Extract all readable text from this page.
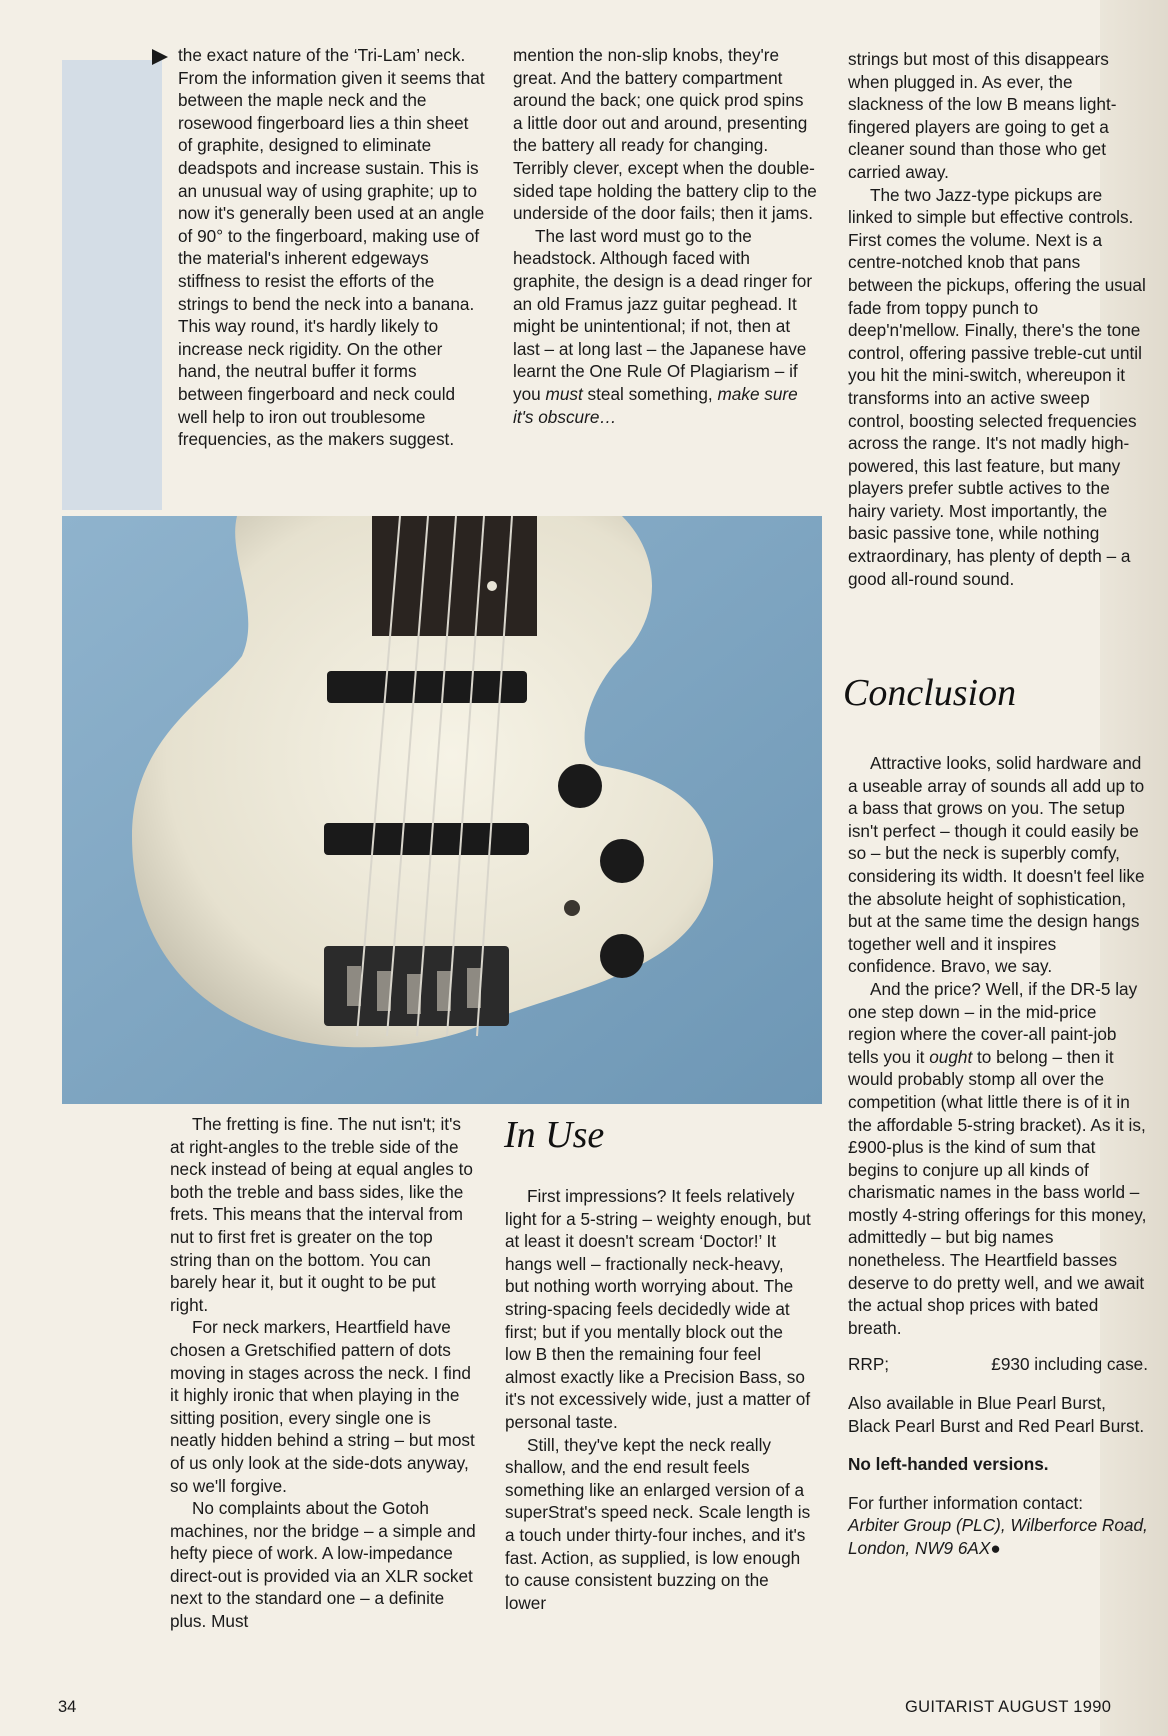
the exact nature of the ‘Tri-Lam’ neck. From the information given it seems that between the maple neck and the rosewood fingerboard lies a thin sheet of graphite, designed to eliminate deadspots and increase sustain. This is an unusual way of using graphite; up to now it's generally been used at an angle of 90° to the fingerboard, making use of the material's inherent edgeways stiffness to resist the efforts of the strings to bend the neck into a banana. This way round, it's hardly likely to increase neck rigidity. On the other hand, the neutral buffer it forms between fingerboard and neck could well help to iron out troublesome frequencies, as the makers suggest.

mention the non-slip knobs, they're great. And the battery compartment around the back; one quick prod spins a little door out and around, presenting the battery all ready for changing. Terribly clever, except when the double-sided tape holding the battery clip to the underside of the door fails; then it jams.

The last word must go to the headstock. Although faced with graphite, the design is a dead ringer for an old Framus jazz guitar peghead. It might be unintentional; if not, then at last – at long last – the Japanese have learnt the One Rule Of Plagiarism – if you must steal something, make sure it's obscure…

strings but most of this disappears when plugged in. As ever, the slackness of the low B means light-fingered players are going to get a cleaner sound than those who get carried away.

The two Jazz-type pickups are linked to simple but effective controls. First comes the volume. Next is a centre-notched knob that pans between the pickups, offering the usual fade from toppy punch to deep'n'mellow. Finally, there's the tone control, offering passive treble-cut until you hit the mini-switch, whereupon it transforms into an active sweep control, boosting selected frequencies across the range. It's not madly high-powered, this last feature, but many players prefer subtle actives to the hairy variety. Most importantly, the basic passive tone, while nothing extraordinary, has plenty of depth – a good all-round sound.

Conclusion

Attractive looks, solid hardware and a useable array of sounds all add up to a bass that grows on you. The setup isn't perfect – though it could easily be so – but the neck is superbly comfy, considering its width. It doesn't feel like the absolute height of sophistication, but at the same time the design hangs together well and it inspires confidence. Bravo, we say.

And the price? Well, if the DR-5 lay one step down – in the mid-price region where the cover-all paint-job tells you it ought to belong – then it would probably stomp all over the competition (what little there is of it in the affordable 5-string bracket). As it is, £900-plus is the kind of sum that begins to conjure up all kinds of charismatic names in the bass world – mostly 4-string offerings for this money, admittedly – but big names nonetheless. The Heartfield basses deserve to do pretty well, and we await the actual shop prices with bated breath.

RRP;	£930 including case.

Also available in Blue Pearl Burst, Black Pearl Burst and Red Pearl Burst.

No left-handed versions.

For further information contact:

Arbiter Group (PLC), Wilberforce Road, London, NW9 6AX●

The fretting is fine. The nut isn't; it's at right-angles to the treble side of the neck instead of being at equal angles to both the treble and bass sides, like the frets. This means that the interval from nut to first fret is greater on the top string than on the bottom. You can barely hear it, but it ought to be put right.

For neck markers, Heartfield have chosen a Gretschified pattern of dots moving in stages across the neck. I find it highly ironic that when playing in the sitting position, every single one is neatly hidden behind a string – but most of us only look at the side-dots anyway, so we'll forgive.

No complaints about the Gotoh machines, nor the bridge – a simple and hefty piece of work. A low-impedance direct-out is provided via an XLR socket next to the standard one – a definite plus. Must

In Use

First impressions? It feels relatively light for a 5-string – weighty enough, but at least it doesn't scream ‘Doctor!’ It hangs well – fractionally neck-heavy, but nothing worth worrying about. The string-spacing feels decidedly wide at first; but if you mentally block out the low B then the remaining four feel almost exactly like a Precision Bass, so it's not excessively wide, just a matter of personal taste.

Still, they've kept the neck really shallow, and the end result feels something like an enlarged version of a superStrat's speed neck. Scale length is a touch under thirty-four inches, and it's fast. Action, as supplied, is low enough to cause consistent buzzing on the lower

34	GUITARIST AUGUST 1990
